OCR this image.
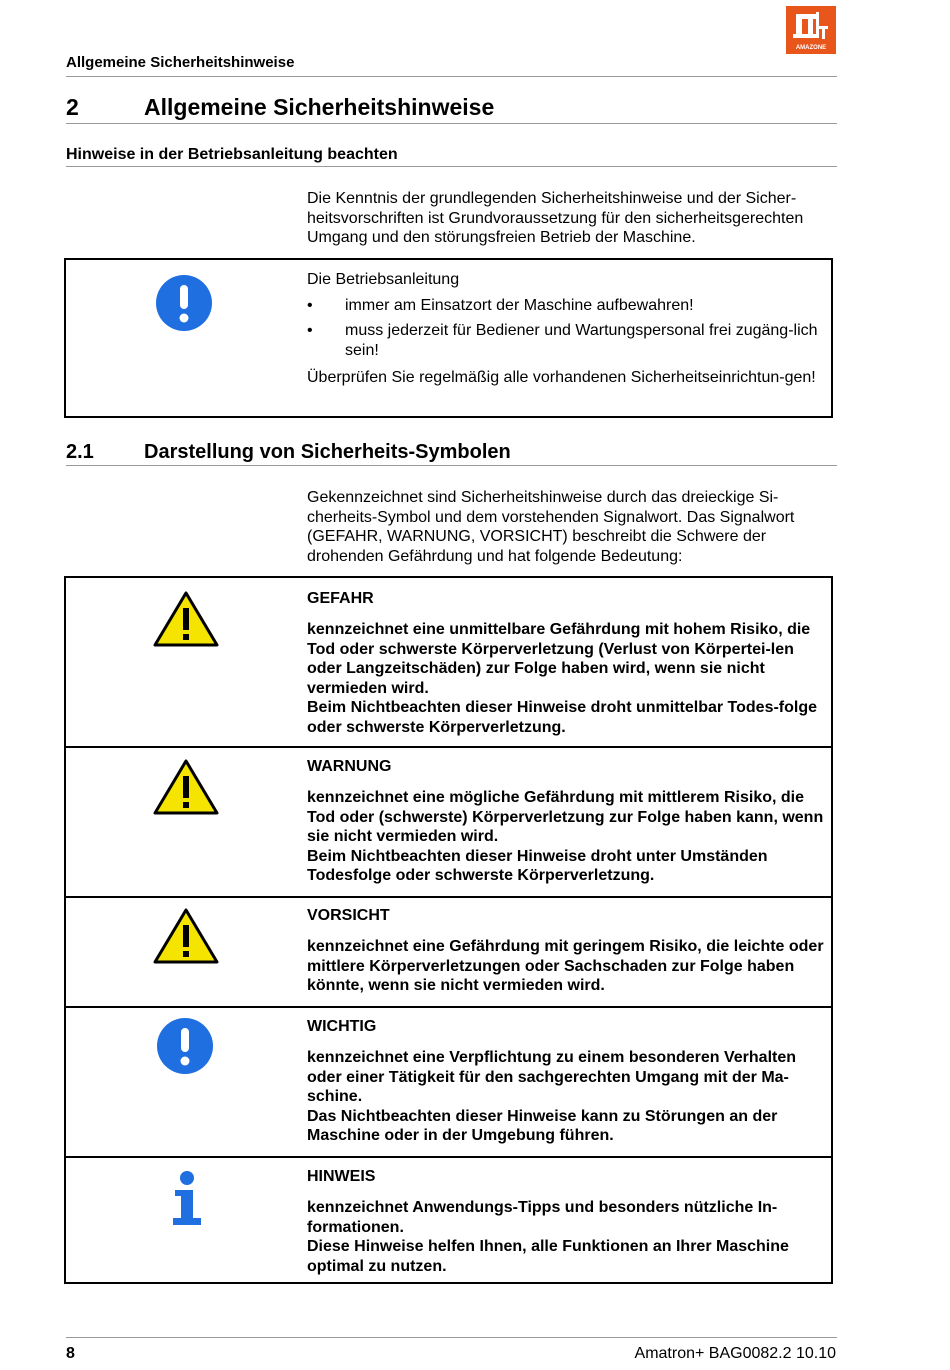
Allgemeine Sicherheitshinweise
AMAZONE
2	Allgemeine Sicherheitshinweise
Hinweise in der Betriebsanleitung beachten
Die Kenntnis der grundlegenden Sicherheitshinweise und der Sicher-heitsvorschriften ist Grundvoraussetzung für den sicherheitsgerechten Umgang und den störungsfreien Betrieb der Maschine.
Die Betriebsanleitung
• immer am Einsatzort der Maschine aufbewahren!
• muss jederzeit für Bediener und Wartungspersonal frei zugäng-lich sein!
Überprüfen Sie regelmäßig alle vorhandenen Sicherheitseinrichtun-gen!
2.1	Darstellung von Sicherheits-Symbolen
Gekennzeichnet sind Sicherheitshinweise durch das dreieckige Si-cherheits-Symbol und dem vorstehenden Signalwort. Das Signalwort (GEFAHR, WARNUNG, VORSICHT) beschreibt die Schwere der drohenden Gefährdung und hat folgende Bedeutung:
GEFAHR
kennzeichnet eine unmittelbare Gefährdung mit hohem Risiko, die Tod oder schwerste Körperverletzung (Verlust von Körpertei-len oder Langzeitschäden) zur Folge haben wird, wenn sie nicht vermieden wird.
Beim Nichtbeachten dieser Hinweise droht unmittelbar Todes-folge oder schwerste Körperverletzung.
WARNUNG
kennzeichnet eine mögliche Gefährdung mit mittlerem Risiko, die Tod oder (schwerste) Körperverletzung zur Folge haben kann, wenn sie nicht vermieden wird.
Beim Nichtbeachten dieser Hinweise droht unter Umständen Todesfolge oder schwerste Körperverletzung.
VORSICHT
kennzeichnet eine Gefährdung mit geringem Risiko, die leichte oder mittlere Körperverletzungen oder Sachschaden zur Folge haben könnte, wenn sie nicht vermieden wird.
WICHTIG
kennzeichnet eine Verpflichtung zu einem besonderen Verhalten oder einer Tätigkeit für den sachgerechten Umgang mit der Ma-schine.
Das Nichtbeachten dieser Hinweise kann zu Störungen an der Maschine oder in der Umgebung führen.
HINWEIS
kennzeichnet Anwendungs-Tipps und besonders nützliche In-formationen.
Diese Hinweise helfen Ihnen, alle Funktionen an Ihrer Maschine optimal zu nutzen.
8	Amatron+ BAG0082.2 10.10
